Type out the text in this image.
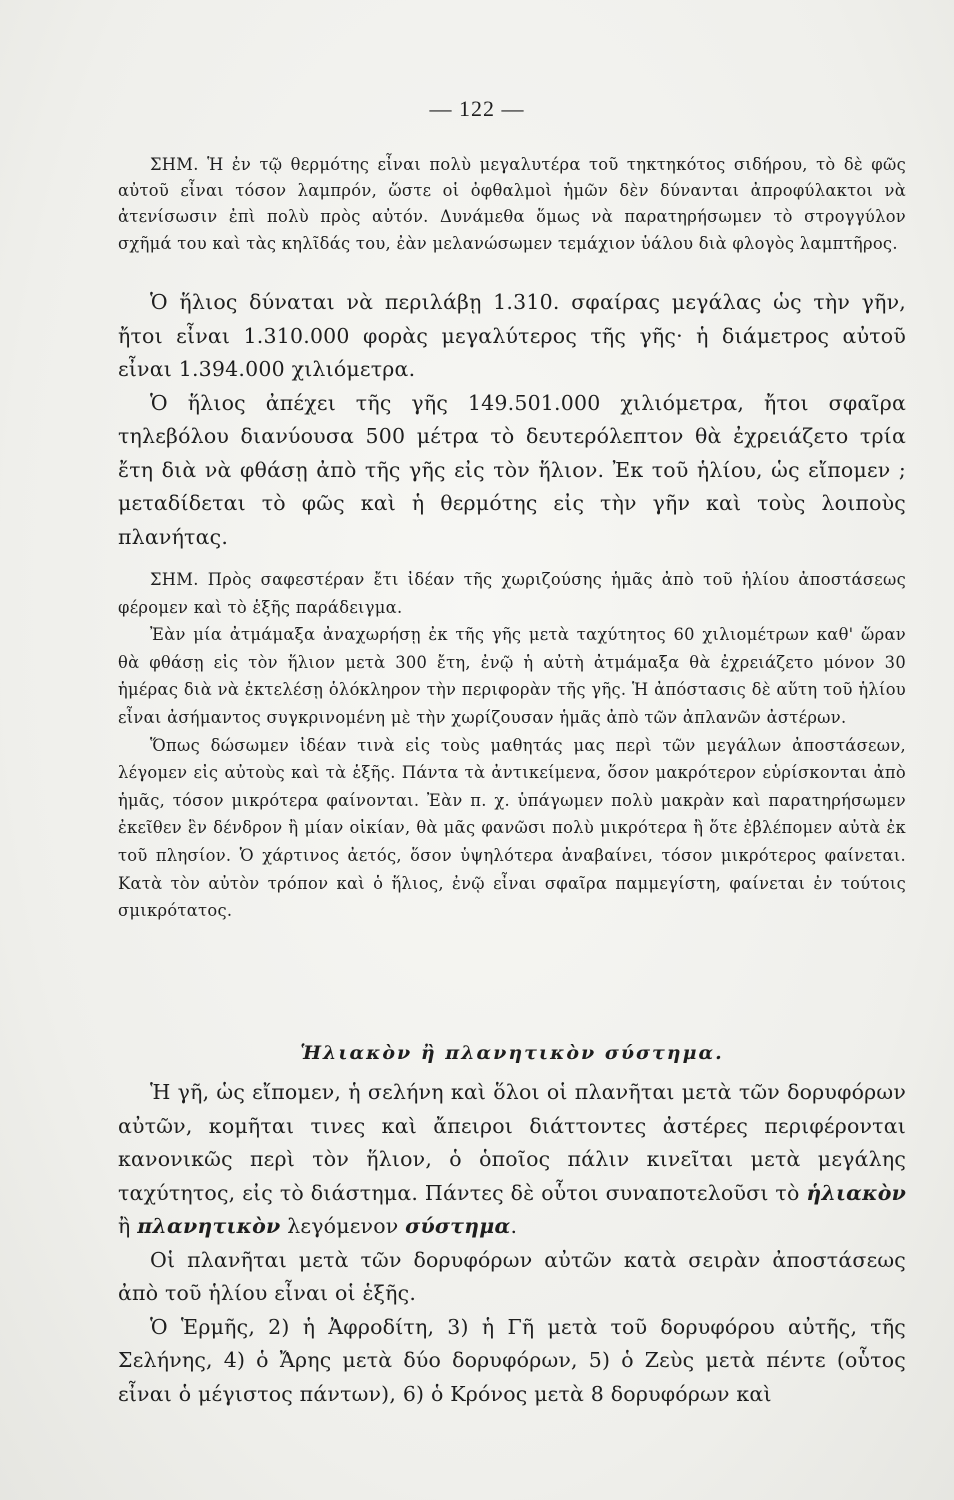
— 122 —

ΣΗΜ. Ἡ ἐν τῷ θερμότης εἶναι πολὺ μεγαλυτέρα τοῦ τηκτηκότος σιδήρου, τὸ δὲ φῶς αὐτοῦ εἶναι τόσον λαμπρόν, ὥστε οἱ ὀφθαλμοὶ ἡμῶν δὲν δύνανται ἀπροφύλακτοι νὰ ἀτενίσωσιν ἐπὶ πολὺ πρὸς αὐτόν. Δυνάμεθα ὅμως νὰ παρατηρήσωμεν τὸ στρογγύλον σχῆμά του καὶ τὰς κηλῖδάς του, ἐὰν μελανώσωμεν τεμάχιον ὑάλου διὰ φλογὸς λαμπτῆρος.

Ὁ ἥλιος δύναται νὰ περιλάβῃ 1.310. σφαίρας μεγάλας ὡς τὴν γῆν, ἤτοι εἶναι 1.310.000 φορὰς μεγαλύτερος τῆς γῆς· ἡ διάμετρος αὐτοῦ εἶναι 1.394.000 χιλιόμετρα.

Ὁ ἥλιος ἀπέχει τῆς γῆς 149.501.000 χιλιόμετρα, ἤτοι σφαῖρα τηλεβόλου διανύουσα 500 μέτρα τὸ δευτερόλεπτον θὰ ἐχρειάζετο τρία ἔτη διὰ νὰ φθάσῃ ἀπὸ τῆς γῆς εἰς τὸν ἥλιον. Ἐκ τοῦ ἡλίου, ὡς εἴπομεν ; μεταδίδεται τὸ φῶς καὶ ἡ θερμότης εἰς τὴν γῆν καὶ τοὺς λοιποὺς πλανήτας.

ΣΗΜ. Πρὸς σαφεστέραν ἔτι ἰδέαν τῆς χωριζούσης ἡμᾶς ἀπὸ τοῦ ἡλίου ἀποστάσεως φέρομεν καὶ τὸ ἑξῆς παράδειγμα.

Ἐὰν μία ἀτμάμαξα ἀναχωρήσῃ ἐκ τῆς γῆς μετὰ ταχύτητος 60 χιλιομέτρων καθ' ὥραν θὰ φθάσῃ εἰς τὸν ἥλιον μετὰ 300 ἔτη, ἐνῷ ἡ αὐτὴ ἀτμάμαξα θὰ ἐχρειάζετο μόνον 30 ἡμέρας διὰ νὰ ἐκτελέσῃ ὁλόκληρον τὴν περιφορὰν τῆς γῆς. Ἡ ἀπόστασις δὲ αὕτη τοῦ ἡλίου εἶναι ἀσήμαντος συγκρινομένη μὲ τὴν χωρίζουσαν ἡμᾶς ἀπὸ τῶν ἀπλανῶν ἀστέρων.

Ὅπως δώσωμεν ἰδέαν τινὰ εἰς τοὺς μαθητάς μας περὶ τῶν μεγάλων ἀποστάσεων, λέγομεν εἰς αὐτοὺς καὶ τὰ ἑξῆς. Πάντα τὰ ἀντικείμενα, ὅσον μακρότερον εὑρίσκονται ἀπὸ ἡμᾶς, τόσον μικρότερα φαίνονται. Ἐὰν π. χ. ὑπάγωμεν πολὺ μακρὰν καὶ παρατηρήσωμεν ἐκεῖθεν ἓν δένδρον ἢ μίαν οἰκίαν, θὰ μᾶς φανῶσι πολὺ μικρότερα ἢ ὅτε ἐβλέπομεν αὐτὰ ἐκ τοῦ πλησίον. Ὁ χάρτινος ἀετός, ὅσον ὑψηλότερα ἀναβαίνει, τόσον μικρότερος φαίνεται. Κατὰ τὸν αὐτὸν τρόπον καὶ ὁ ἥλιος, ἐνῷ εἶναι σφαῖρα παμμεγίστη, φαίνεται ἐν τούτοις σμικρότατος.

Ἡλιακὸν ἢ πλανητικὸν σύστημα.

Ἡ γῆ, ὡς εἴπομεν, ἡ σελήνη καὶ ὅλοι οἱ πλανῆται μετὰ τῶν δορυφόρων αὐτῶν, κομῆται τινες καὶ ἄπειροι διάττοντες ἀστέρες περιφέρονται κανονικῶς περὶ τὸν ἥλιον, ὁ ὁποῖος πάλιν κινεῖται μετὰ μεγάλης ταχύτητος, εἰς τὸ διάστημα. Πάντες δὲ οὗτοι συναποτελοῦσι τὸ ἡλιακὸν ἢ πλανητικὸν λεγόμενον σύστημα.

Οἱ πλανῆται μετὰ τῶν δορυφόρων αὐτῶν κατὰ σειρὰν ἀποστάσεως ἀπὸ τοῦ ἡλίου εἶναι οἱ ἑξῆς.

Ὁ Ἑρμῆς, 2) ἡ Ἀφροδίτη, 3) ἡ Γῆ μετὰ τοῦ δορυφόρου αὐτῆς, τῆς Σελήνης, 4) ὁ Ἄρης μετὰ δύο δορυφόρων, 5) ὁ Ζεὺς μετὰ πέντε (οὗτος εἶναι ὁ μέγιστος πάντων), 6) ὁ Κρόνος μετὰ 8 δορυφόρων καὶ
